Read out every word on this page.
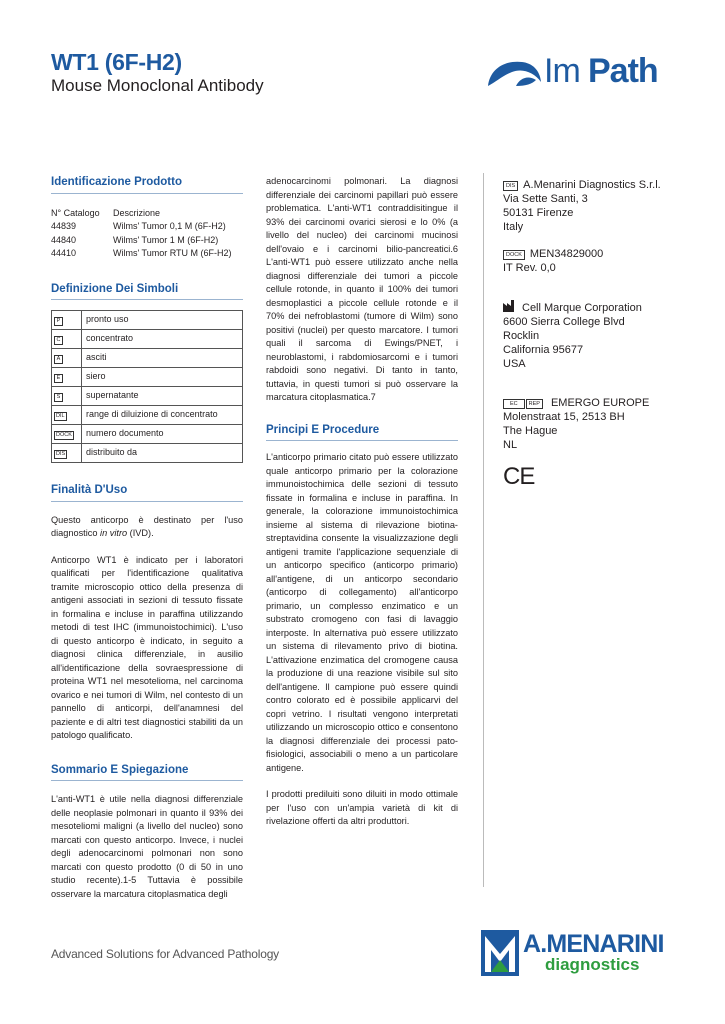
WT1 (6F-H2)
Mouse Monoclonal Antibody	Im Path
Identificazione Prodotto
N° Catalogo	Descrizione
44839	Wilms' Tumor 0,1 M (6F-H2)
44840	Wilms' Tumor 1 M (6F-H2)
44410	Wilms' Tumor RTU M (6F-H2)
Definizione Dei Simboli
P	pronto uso
C	concentrato
A	asciti
E	siero
S	supernatante
DIL	range di diluizione di concentrato
DOCK	numero documento
DIS	distribuito da
Finalità D'Uso

Questo anticorpo è destinato per l'uso diagnostico in vitro (IVD).

Anticorpo WT1 è indicato per i laboratori qualificati per l'identificazione qualitativa tramite microscopio ottico della presenza di antigeni associati in sezioni di tessuto fissate in formalina e incluse in paraffina utilizzando metodi di test IHC (immunoistochimici). L'uso di questo anticorpo è indicato, in seguito a diagnosi clinica differenziale, in ausilio all'identificazione della sovraespressione di proteina WT1 nel mesotelioma, nel carcinoma ovarico e nei tumori di Wilm, nel contesto di un pannello di anticorpi, dell'anamnesi del paziente e di altri test diagnostici stabiliti da un patologo qualificato.

Sommario E Spiegazione

L'anti-WT1 è utile nella diagnosi differenziale delle neoplasie polmonari in quanto il 93% dei mesoteliomi maligni (a livello del nucleo) sono marcati con questo anticorpo. Invece, i nuclei degli adenocarcinomi polmonari non sono marcati con questo prodotto (0 di 50 in uno studio recente).1-5 Tuttavia è possibile osservare la marcatura citoplasmatica degli

adenocarcinomi polmonari. La diagnosi differenziale dei carcinomi papillari può essere problematica. L'anti-WT1 contraddisitingue il 93% dei carcinomi ovarici sierosi e lo 0% (a livello del nucleo) dei carcinomi mucinosi dell'ovaio e i carcinomi bilio-pancreatici.6 L'anti-WT1 può essere utilizzato anche nella diagnosi differenziale dei tumori a piccole cellule rotonde, in quanto il 100% dei tumori desmoplastici a piccole cellule rotonde e il 70% dei nefroblastomi (tumore di Wilm) sono positivi (nuclei) per questo marcatore. I tumori quali il sarcoma di Ewings/PNET, i neuroblastomi, i rabdomiosarcomi e i tumori rabdoidi sono negativi. Di tanto in tanto, tuttavia, in questi tumori si può osservare la marcatura citoplasmatica.7

Principi E Procedure

L'anticorpo primario citato può essere utilizzato quale anticorpo primario per la colorazione immunoistochimica delle sezioni di tessuto fissate in formalina e incluse in paraffina. In generale, la colorazione immunoistochimica insieme al sistema di rilevazione biotina-streptavidina consente la visualizzazione degli antigeni tramite l'applicazione sequenziale di un anticorpo specifico (anticorpo primario) all'antigene, di un anticorpo secondario (anticorpo di collegamento) all'anticorpo primario, un complesso enzimatico e un substrato cromogeno con fasi di lavaggio interposte. In alternativa può essere utilizzato un sistema di rilevamento privo di biotina. L'attivazione enzimatica del cromogene causa la produzione di una reazione visibile sul sito dell'antigene. Il campione può essere quindi contro colorato ed è possibile applicarvi del copri vetrino. I risultati vengono interpretati utilizzando un microscopio ottico e consentono la diagnosi differenziale dei processi pato-fisiologici, associabili o meno a un particolare antigene.

I prodotti prediluiti sono diluiti in modo ottimale per l'uso con un'ampia varietà di kit di rivelazione offerti da altri produttori.

DIS A.Menarini Diagnostics S.r.l.
Via Sette Santi, 3
50131 Firenze
Italy
DOCK MEN34829000
IT Rev. 0,0
Cell Marque Corporation
6600 Sierra College Blvd
Rocklin
California 95677
USA
EC REP EMERGO EUROPE
Molenstraat 15, 2513 BH
The Hague
NL
CE
Advanced Solutions for Advanced Pathology	A.MENARINI
diagnostics
